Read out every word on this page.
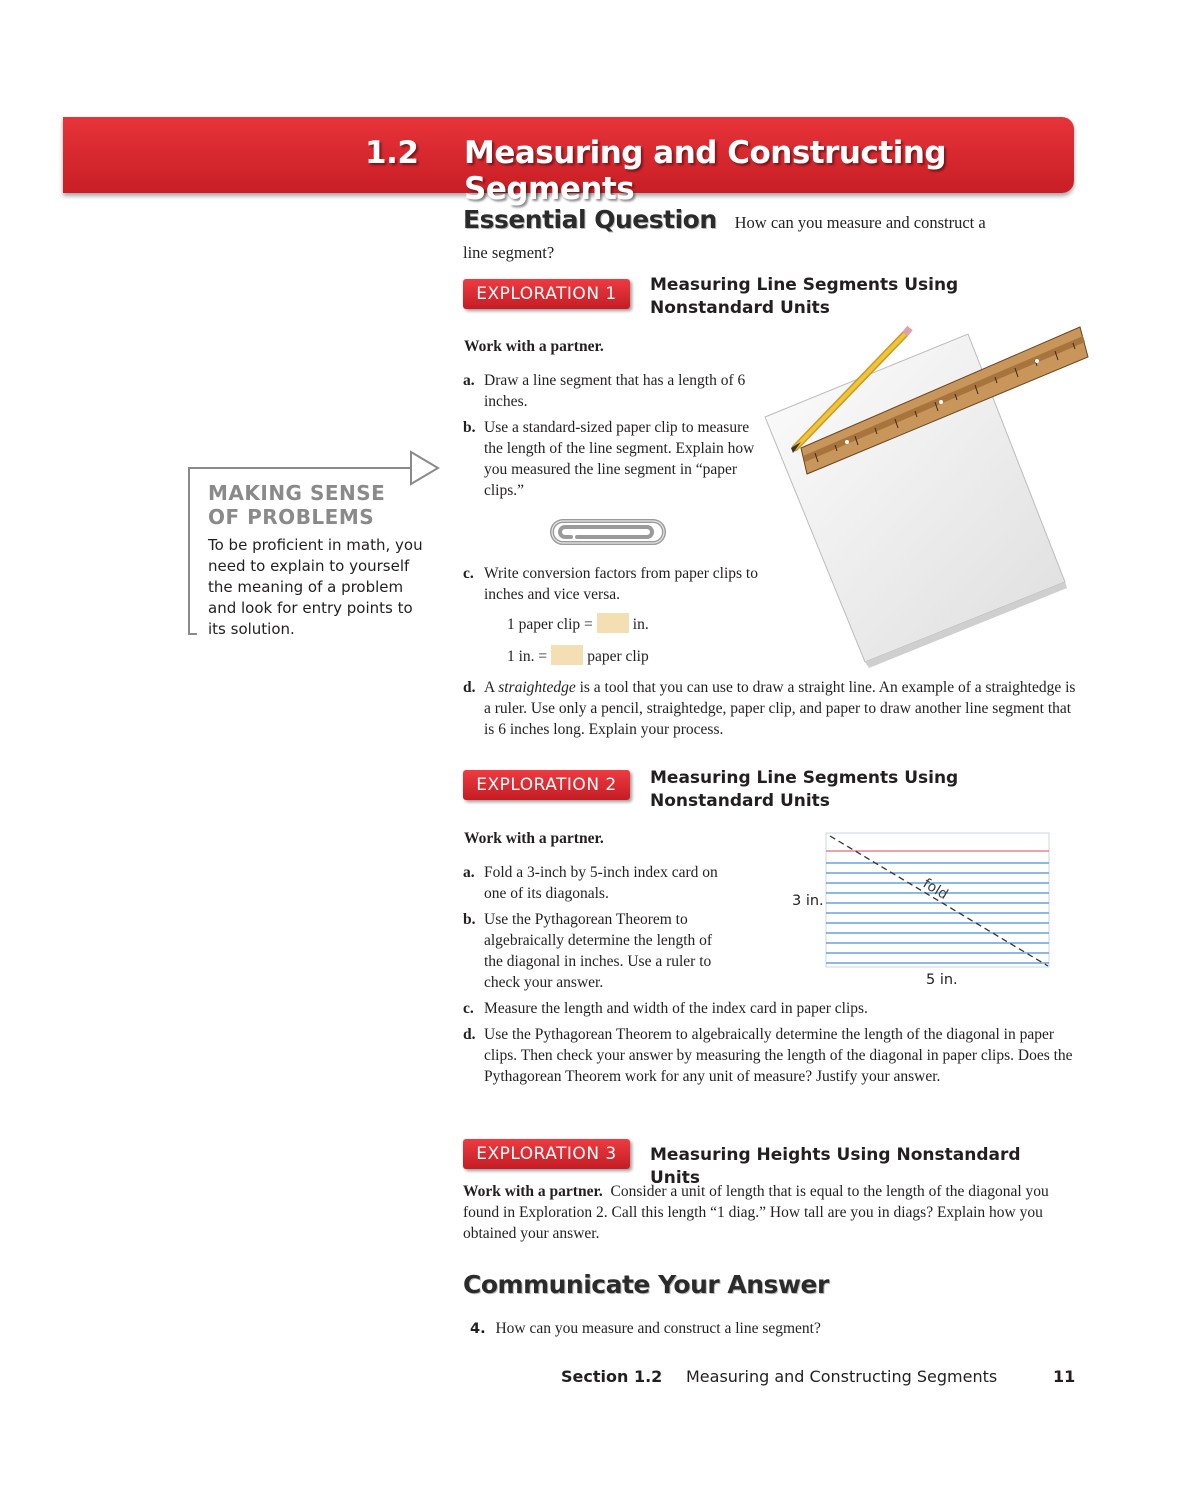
1.2 Measuring and Constructing Segments
Essential Question How can you measure and construct a
line segment?
MAKING SENSE
OF PROBLEMS
To be proficient in math, you need to explain to yourself the meaning of a problem and look for entry points to its solution.
EXPLORATION 1	Measuring Line Segments Using Nonstandard Units
Work with a partner.
a. Draw a line segment that has a length of 6 inches.
b. Use a standard-sized paper clip to measure the length of the line segment. Explain how you measured the line segment in “paper clips.”
c. Write conversion factors from paper clips to inches and vice versa.
1 paper clip =	in.
1 in. =	paper clip
d. A straightedge is a tool that you can use to draw a straight line. An example of a straightedge is a ruler. Use only a pencil, straightedge, paper clip, and paper to draw another line segment that is 6 inches long. Explain your process.
EXPLORATION 2	Measuring Line Segments Using Nonstandard Units
Work with a partner.
a. Fold a 3-inch by 5-inch index card on one of its diagonals.
b. Use the Pythagorean Theorem to algebraically determine the length of the diagonal in inches. Use a ruler to check your answer.
fold
3 in.
5 in.
c. Measure the length and width of the index card in paper clips.
d. Use the Pythagorean Theorem to algebraically determine the length of the diagonal in paper clips. Then check your answer by measuring the length of the diagonal in paper clips. Does the Pythagorean Theorem work for any unit of measure? Justify your answer.
EXPLORATION 3	Measuring Heights Using Nonstandard Units
Work with a partner. Consider a unit of length that is equal to the length of the diagonal you found in Exploration 2. Call this length “1 diag.” How tall are you in diags? Explain how you obtained your answer.
Communicate Your Answer
4. How can you measure and construct a line segment?
Section 1.2 Measuring and Constructing Segments	11
